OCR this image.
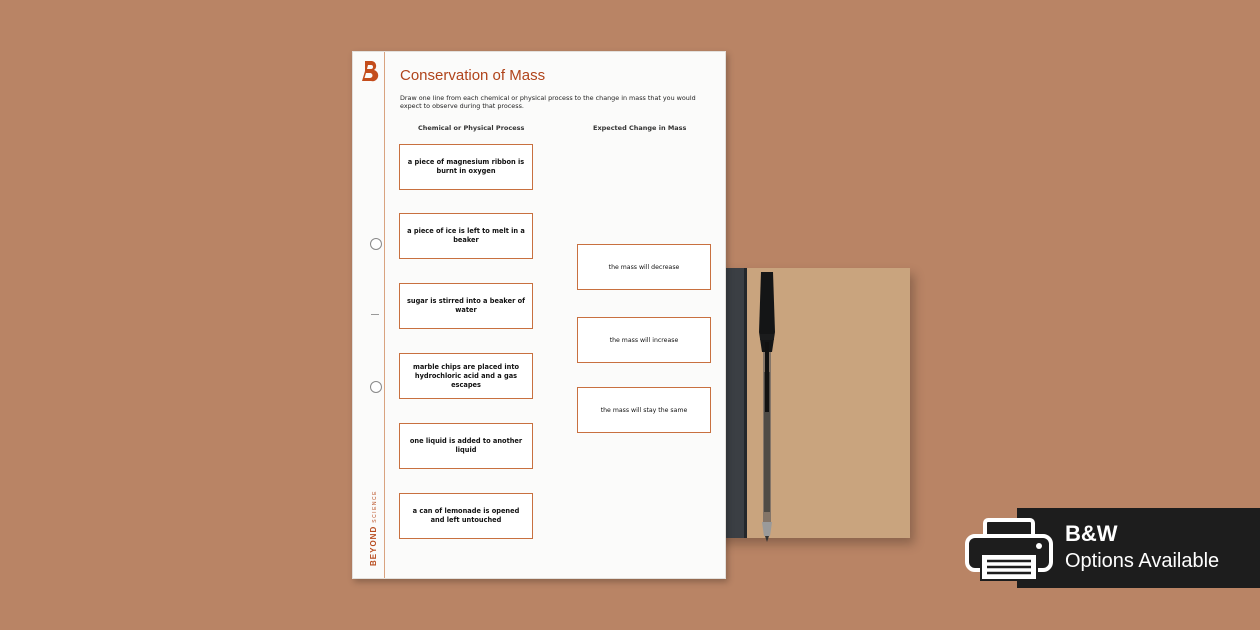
BEYONDSCIENCE
Conservation of Mass
Draw one line from each chemical or physical process to the change in mass that you would expect to observe during that process.
Chemical or Physical Process	Expected Change in Mass
a piece of magnesium ribbon is burnt in oxygen
a piece of ice is left to melt in a beaker
sugar is stirred into a beaker of water
marble chips are placed into hydrochloric acid and a gas escapes
one liquid is added to another liquid
a can of lemonade is opened and left untouched
the mass will decrease
the mass will increase
the mass will stay the same
B&W
Options Available
